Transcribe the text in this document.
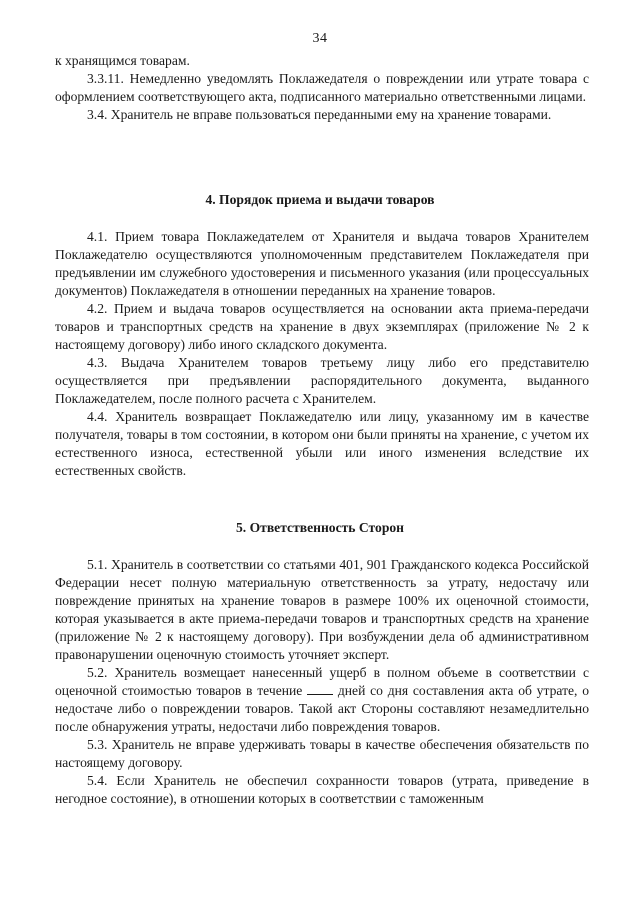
34

к хранящимся товарам.

3.3.11. Немедленно уведомлять Поклажедателя о повреждении или утрате товара с оформлением соответствующего акта, подписанного материально ответственными лицами.

3.4. Хранитель не вправе пользоваться переданными ему на хранение товарами.

4. Порядок приема и выдачи товаров

4.1. Прием товара Поклажедателем от Хранителя и выдача товаров Хранителем Поклажедателю осуществляются уполномоченным представителем Поклажедателя при предъявлении им служебного удостоверения и письменного указания (или процессуальных документов) Поклажедателя в отношении переданных на хранение товаров.

4.2. Прием и выдача товаров осуществляется на основании акта приема-передачи товаров и транспортных средств на хранение в двух экземплярах (приложение № 2 к настоящему договору) либо иного складского документа.

4.3. Выдача Хранителем товаров третьему лицу либо его представителю осуществляется при предъявлении распорядительного документа, выданного Поклажедателем, после полного расчета с Хранителем.

4.4. Хранитель возвращает Поклажедателю или лицу, указанному им в качестве получателя, товары в том состоянии, в котором они были приняты на хранение, с учетом их естественного износа, естественной убыли или иного изменения вследствие их естественных свойств.

5. Ответственность Сторон

5.1. Хранитель в соответствии со статьями 401, 901 Гражданского кодекса Российской Федерации несет полную материальную ответственность за утрату, недостачу или повреждение принятых на хранение товаров в размере 100% их оценочной стоимости, которая указывается в акте приема-передачи товаров и транспортных средств на хранение (приложение № 2 к настоящему договору). При возбуждении дела об административном правонарушении оценочную стоимость уточняет эксперт.

5.2. Хранитель возмещает нанесенный ущерб в полном объеме в соответствии с оценочной стоимостью товаров в течение  дней со дня составления акта об утрате, о недостаче либо о повреждении товаров. Такой акт Стороны составляют незамедлительно после обнаружения утраты, недостачи либо повреждения товаров.

5.3. Хранитель не вправе удерживать товары в качестве обеспечения обязательств по настоящему договору.

5.4. Если Хранитель не обеспечил сохранности товаров (утрата, приведение в негодное состояние), в отношении которых в соответствии с таможенным
